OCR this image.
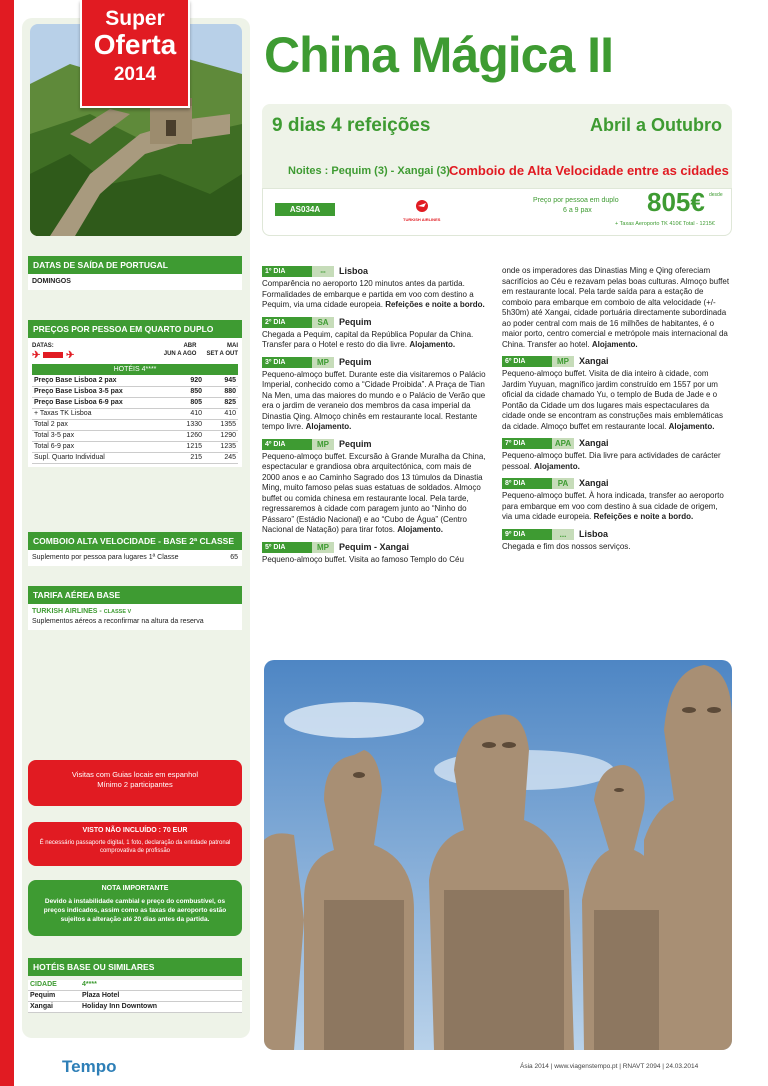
Super
Oferta
2014	China Mágica II
9 dias 4 refeições	Abril a Outubro
Noites : Pequim (3) - Xangai (3) Comboio de Alta Velocidade entre as cidades
AS034A
TURKISH AIRLINES
Preço por pessoa em duplo
6 a 9 pax
desde
805€
+ Taxas Aeroporto TK 410€ Total - 1215€
DATAS DE SAÍDA DE PORTUGAL
DOMINGOS
PREÇOS POR PESSOA EM QUARTO DUPLO
DATAS:
✈  ✈
ABR
JUN A AGO
MAI
SET A OUT
HOTÉIS 4****
Preço Base Lisboa 2 pax	920	945
Preço Base Lisboa 3-5 pax	850	880
Preço Base Lisboa 6-9 pax	805	825
+ Taxas TK Lisboa	410	410
Total 2 pax	1330	1355
Total 3-5 pax	1260	1290
Total 6-9 pax	1215	1235
Supl. Quarto Individual	215	245
COMBOIO ALTA VELOCIDADE - BASE 2ª CLASSE
Suplemento por pessoa para lugares 1ª Classe	65
TARIFA AÉREA BASE
TURKISH AIRLINES - CLASSE V
Suplementos aéreos a reconfirmar na altura da reserva
Visitas com Guias locais em espanhol
Mínimo 2 participantes
VISTO NÃO INCLUÍDO : 70 EUR
É necessário passaporte digital, 1 foto, declaração da entidade patronal comprovativa de profissão
NOTA IMPORTANTE
Devido à instabilidade cambial e preço do combustível, os preços indicados, assim como as taxas de aeroporto estão sujeitos a alteração até 20 dias antes da partida.
HOTÉIS BASE OU SIMILARES
CIDADE	4****
Pequim	Plaza Hotel
Xangai	Holiday Inn Downtown
1º DIA	--	Lisboa
Comparência no aeroporto 120 minutos antes da partida. Formalidades de embarque e partida em voo com destino a Pequim, via uma cidade europeia. Refeições e noite a bordo.
2º DIA	SA	Pequim
Chegada a Pequim, capital da República Popular da China. Transfer para o Hotel e resto do dia livre. Alojamento.
3º DIA	MP	Pequim
Pequeno-almoço buffet. Durante este dia visitaremos o Palácio Imperial, conhecido como a “Cidade Proibida”. A Praça de Tian Na Men, uma das maiores do mundo e o Palácio de Verão que era o jardim de veraneio dos membros da casa imperial da Dinastia Qing. Almoço chinês em restaurante local. Restante tempo livre. Alojamento.
4º DIA	MP	Pequim
Pequeno-almoço buffet. Excursão à Grande Muralha da China, espectacular e grandiosa obra arquitectónica, com mais de 2000 anos e ao Caminho Sagrado dos 13 túmulos da Dinastia Ming, muito famoso pelas suas estatuas de soldados. Almoço buffet ou comida chinesa em restaurante local. Pela tarde, regressaremos à cidade com paragem junto ao “Ninho do Pássaro” (Estádio Nacional) e ao “Cubo de Água” (Centro Nacional de Natação) para tirar fotos. Alojamento.
5º DIA	MP	Pequim - Xangai
Pequeno-almoço buffet. Visita ao famoso Templo do Céu
onde os imperadores das Dinastias Ming e Qing ofereciam sacrifícios ao Céu e rezavam pelas boas culturas. Almoço buffet em restaurante local. Pela tarde saída para a estação de comboio para embarque em comboio de alta velocidade (+/- 5h30m) até Xangai, cidade portuária directamente subordinada ao poder central com mais de 16 milhões de habitantes, é o maior porto, centro comercial e metrópole mais internacional da China. Transfer ao hotel. Alojamento.
6º DIA	MP	Xangai
Pequeno-almoço buffet. Visita de dia inteiro à cidade, com Jardim Yuyuan, magnífico jardim construído em 1557 por um oficial da cidade chamado Yu, o templo de Buda de Jade e o Pontão da Cidade um dos lugares mais espectaculares da cidade onde se encontram as construções mais emblemáticas da cidade. Almoço buffet em restaurante local. Alojamento.
7º DIA	APA Xangai
Pequeno-almoço buffet. Dia livre para actividades de carácter pessoal. Alojamento.
8º DIA	PA	Xangai
Pequeno-almoço buffet. À hora indicada, transfer ao aeroporto para embarque em voo com destino à sua cidade de origem, via uma cidade europeia. Refeições e noite a bordo.
9º DIA	...	Lisboa
Chegada e fim dos nossos serviços.
Tempo	Ásia 2014 | www.viagenstempo.pt | RNAVT 2094 | 24.03.2014
